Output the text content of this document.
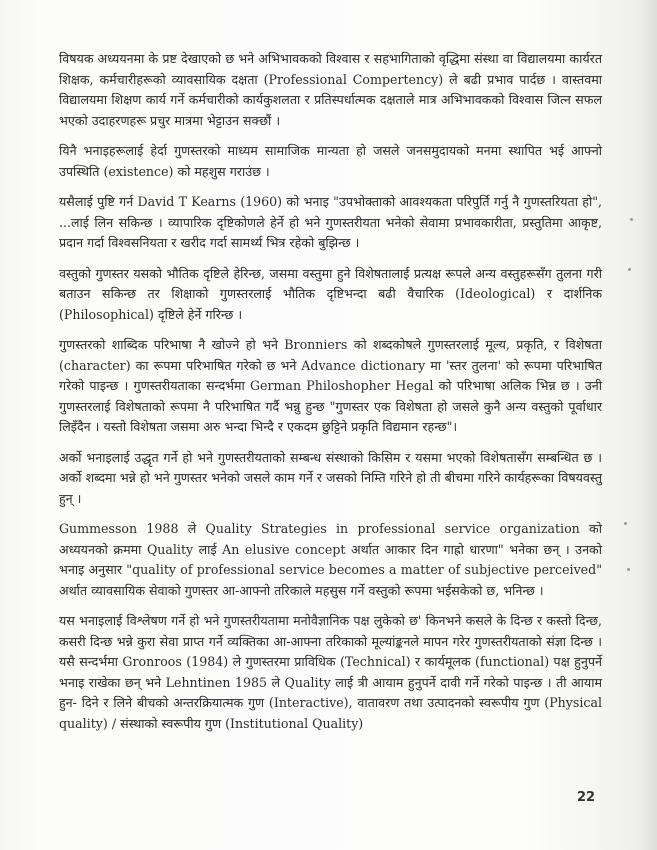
विषयक अध्ययनमा के प्रष्ट देखाएको छ भने अभिभावकको विश्वास र सहभागिताको वृद्धिमा संस्था वा विद्यालयमा कार्यरत शिक्षक, कर्मचारीहरूको व्यावसायिक दक्षता (Professional Compertency) ले बढी प्रभाव पार्दछ । वास्तवमा विद्यालयमा शिक्षण कार्य गर्ने कर्मचारीको कार्यकुशलता र प्रतिस्पर्धात्मक दक्षताले मात्र अभिभावकको विश्वास जित्न सफल भएको उदाहरणहरू प्रचुर मात्रमा भेट्टाउन सक्छौं ।

यिनै भनाइहरूलाई हेर्दा गुणस्तरको माध्यम सामाजिक मान्यता हो जसले जनसमुदायको मनमा स्थापित भई आफ्नो उपस्थिति (existence) को महशुस गराउंछ ।

यसैलाई पुष्टि गर्न David T Kearns (1960) को भनाइ "उपभोक्ताको आवश्यकता परिपुर्ति गर्नु नै गुणस्तरियता हो", ...लाई लिन सकिन्छ । व्यापारिक दृष्टिकोणले हेर्ने हो भने गुणस्तरीयता भनेको सेवामा प्रभावकारीता, प्रस्तुतिमा आकृष्ट, प्रदान गर्दा विश्वसनियता र खरीद गर्दा सामर्थ्य भित्र रहेको बुझिन्छ ।

वस्तुको गुणस्तर यसको भौतिक दृष्टिले हेरिन्छ, जसमा वस्तुमा हुने विशेषतालाई प्रत्यक्ष रूपले अन्य वस्तुहरूसँग तुलना गरी बताउन सकिन्छ तर शिक्षाको गुणस्तरलाई भौतिक दृष्टिभन्दा बढी वैचारिक (Ideological) र दार्शनिक (Philosophical) दृष्टिले हेर्ने गरिन्छ ।

गुणस्तरको शाब्दिक परिभाषा नै खोज्ने हो भने Bronniers को शब्दकोषले गुणस्तरलाई मूल्य, प्रकृति, र विशेषता (character) का रूपमा परिभाषित गरेको छ भने Advance dictionary मा 'स्तर तुलना' को रूपमा परिभाषित गरेको पाइन्छ । गुणस्तरीयताका सन्दर्भमा German Philoshopher Hegal को परिभाषा अलिक भिन्न छ । उनी गुणस्तरलाई विशेषताको रूपमा नै परिभाषित गर्दै भन्नु हुन्छ "गुणस्तर एक विशेषता हो जसले कुनै अन्य वस्तुको पूर्वाधार लिइँदैन । यस्तो विशेषता जसमा अरु भन्दा भिन्दै र एकदम छुट्टिने प्रकृति विद्यमान रहन्छ"।

अर्को भनाइलाई उद्धृत गर्ने हो भने गुणस्तरीयताको सम्बन्ध संस्थाको किसिम र यसमा भएको विशेषतासँग सम्बन्धित छ । अर्को शब्दमा भन्ने हो भने गुणस्तर भनेको जसले काम गर्ने र जसको निम्ति गरिने हो ती बीचमा गरिने कार्यहरूका विषयवस्तु हुन् ।

Gummesson 1988 ले Quality Strategies in professional service organization को अध्ययनको क्रममा Quality लाई An elusive concept अर्थात आकार दिन गाह्रो धारणा" भनेका छन् । उनको भनाइ अनुसार "quality of professional service becomes a matter of subjective perceived" अर्थात व्यावसायिक सेवाको गुणस्तर आ-आफ्नो तरिकाले महसुस गर्ने वस्तुको रूपमा भईसकेको छ, भनिन्छ ।

यस भनाइलाई विश्लेषण गर्ने हो भने गुणस्तरीयतामा मनोवैज्ञानिक पक्ष लुकेको छ' किनभने कसले के दिन्छ र कस्तो दिन्छ, कसरी दिन्छ भन्ने कुरा सेवा प्राप्त गर्ने व्यक्तिका आ-आफ्ना तरिकाको मूल्यांङ्कनले मापन गरेर गुणस्तरीयताको संज्ञा दिन्छ । यसै सन्दर्भमा Gronroos (1984) ले गुणस्तरमा प्राविधिक (Technical) र कार्यमूलक (functional) पक्ष हुनुपर्ने भनाइ राखेका छन् भने Lehntinen 1985 ले Quality लाई त्री आयाम हुनुपर्ने दावी गर्ने गरेको पाइन्छ । ती आयाम हुन- दिने र लिने बीचको अन्तरक्रियात्मक गुण (Interactive), वातावरण तथा उत्पादनको स्वरूपीय गुण (Physical quality) / संस्थाको स्वरूपीय गुण (Institutional Quality)

22
